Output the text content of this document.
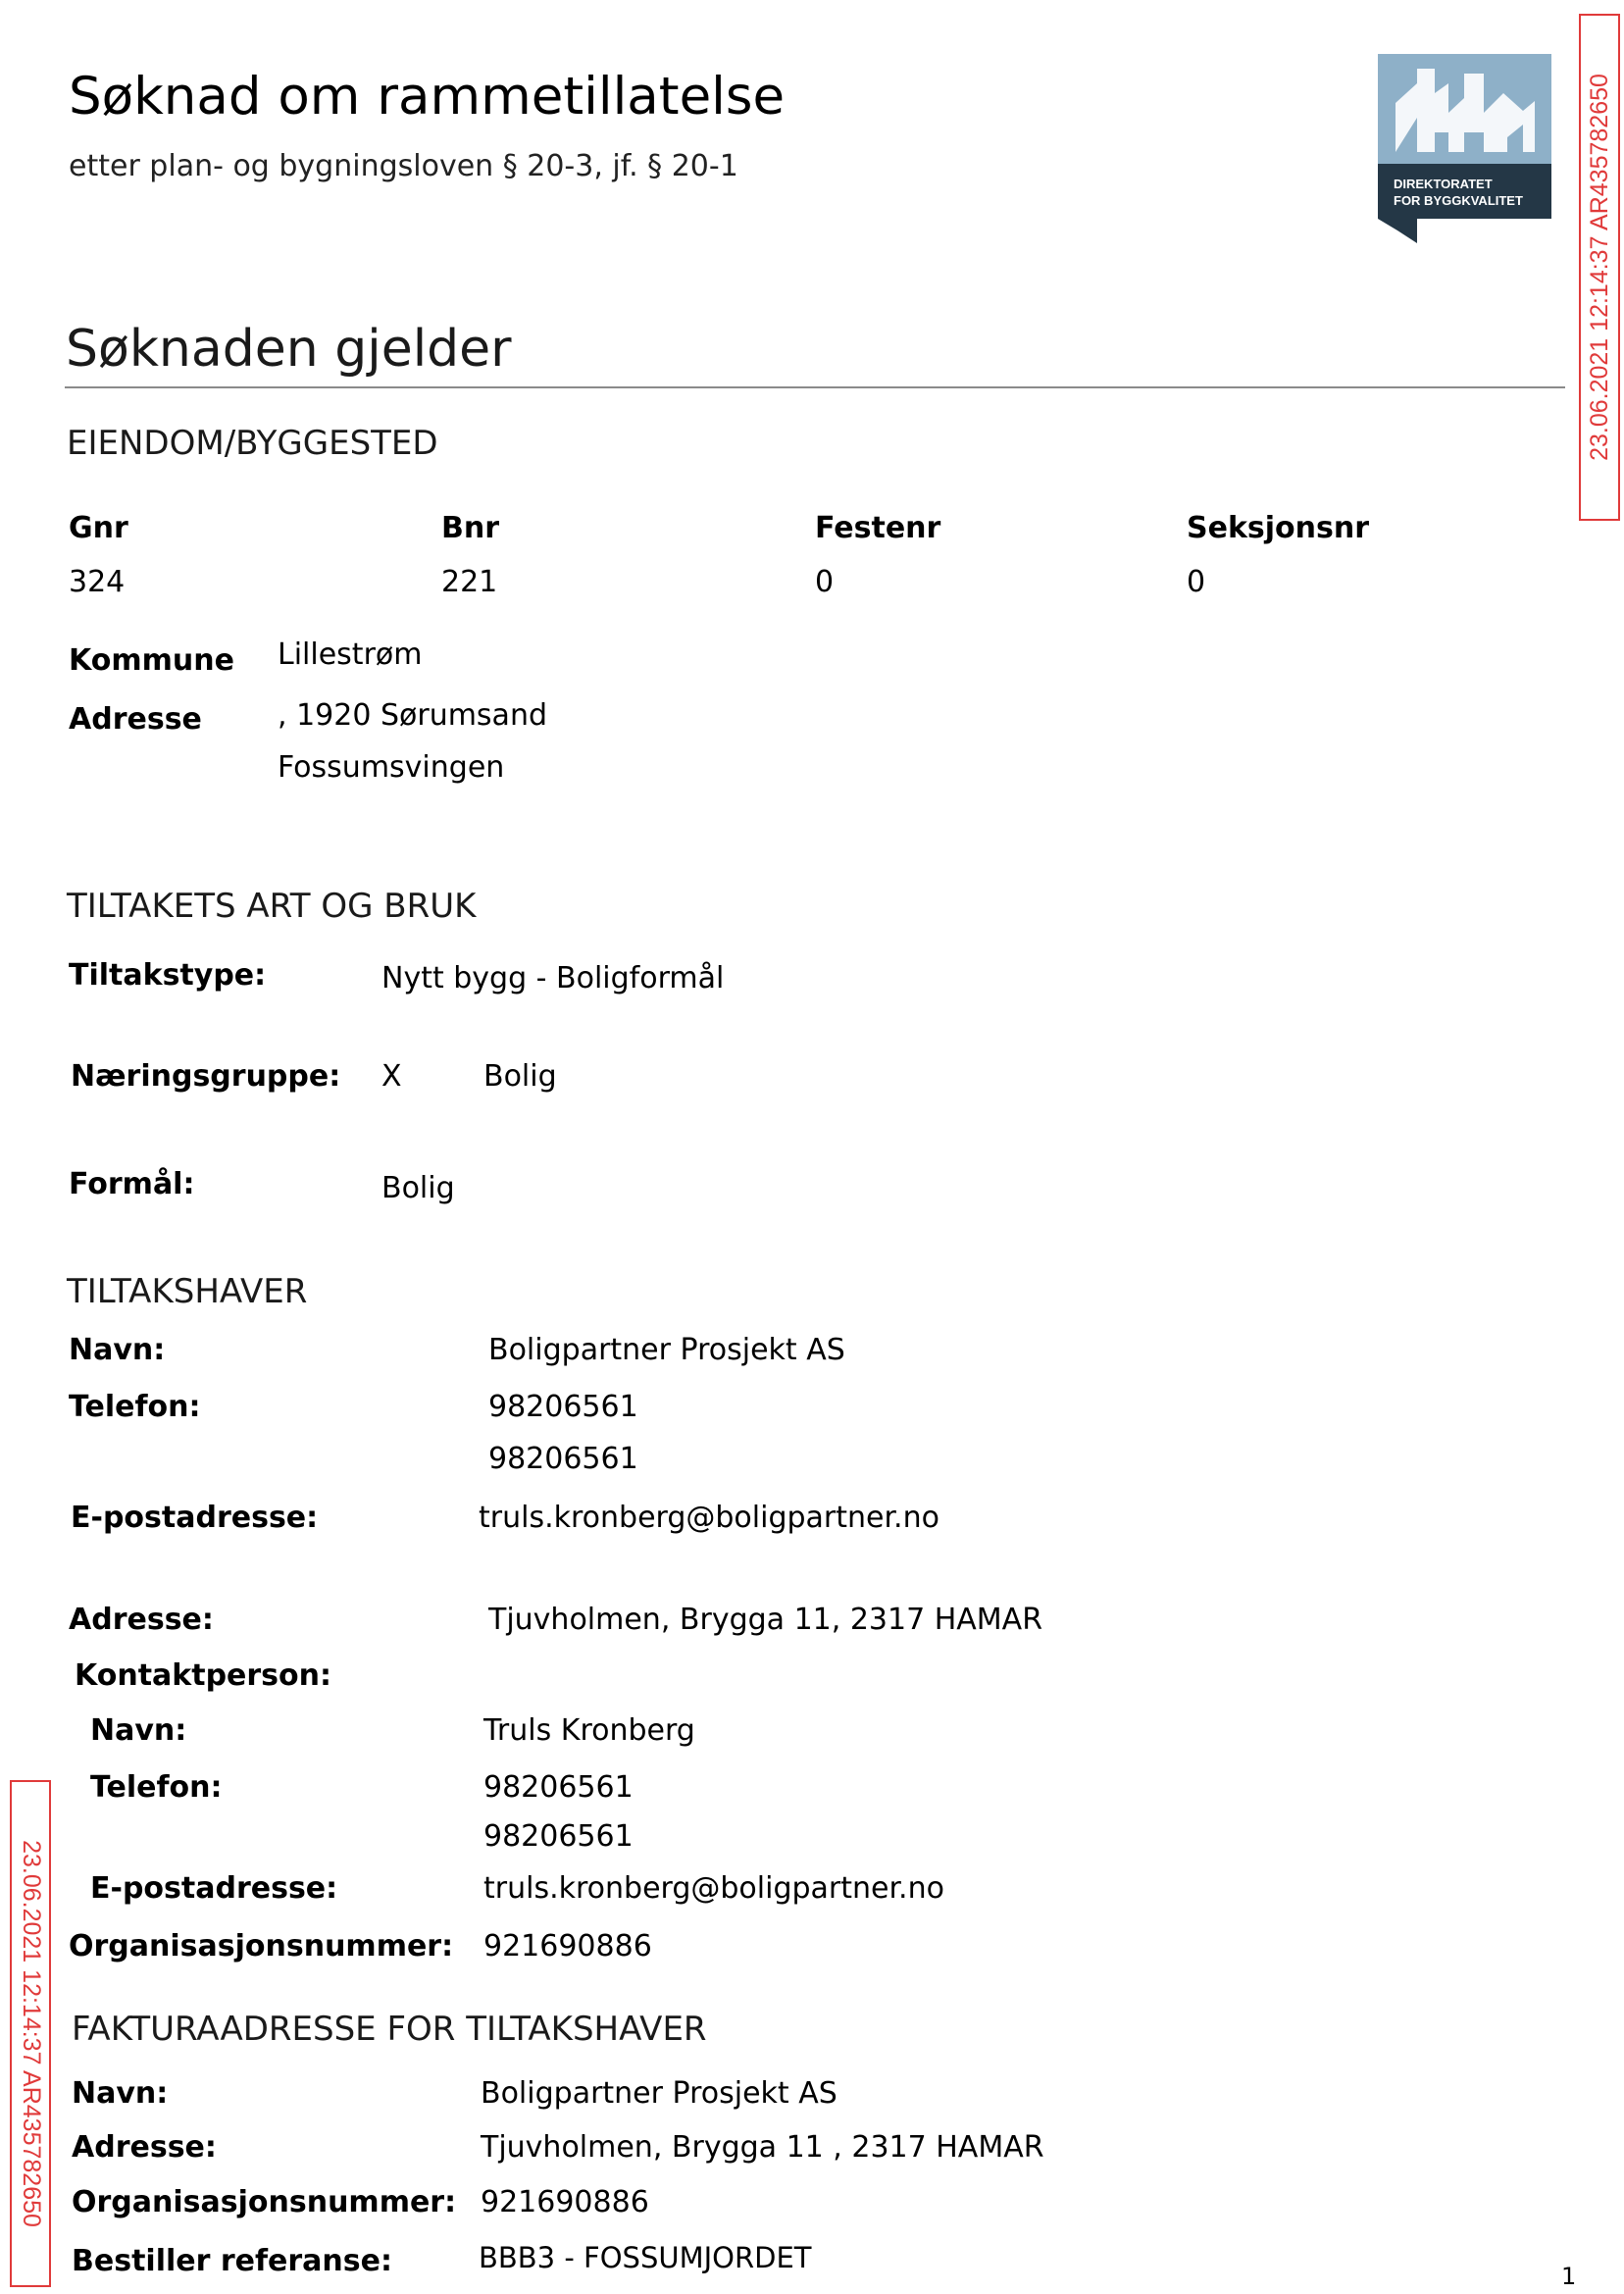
Søknad om rammetillatelse
etter plan- og bygningsloven § 20-3, jf. § 20-1
DIREKTORATET
FOR BYGGKVALITET	23.06.2021 12:14:37 AR435782650
23.06.2021 12:14:37 AR435782650
Søknaden gjelder
EIENDOM/BYGGESTED
Gnr	Bnr	Festenr	Seksjonsnr
324	221	0	0
Kommune Lillestrøm
Adresse	, 1920 Sørumsand
Fossumsvingen
TILTAKETS ART OG BRUK
Tiltakstype:	Nytt bygg - Boligformål
Næringsgruppe: X	Bolig
Formål:	Bolig
TILTAKSHAVER
Navn:	Boligpartner Prosjekt AS
Telefon:	98206561
98206561
E-postadresse:	truls.kronberg@boligpartner.no
Adresse:	Tjuvholmen, Brygga 11, 2317 HAMAR
Kontaktperson:
Navn:	Truls Kronberg
Telefon:	98206561
98206561
E-postadresse:	truls.kronberg@boligpartner.no
Organisasjonsnummer: 921690886
FAKTURAADRESSE FOR TILTAKSHAVER
Navn:	Boligpartner Prosjekt AS
Adresse:	Tjuvholmen, Brygga 11 , 2317 HAMAR
Organisasjonsnummer: 921690886
Bestiller referanse:	BBB3 - FOSSUMJORDET
1
